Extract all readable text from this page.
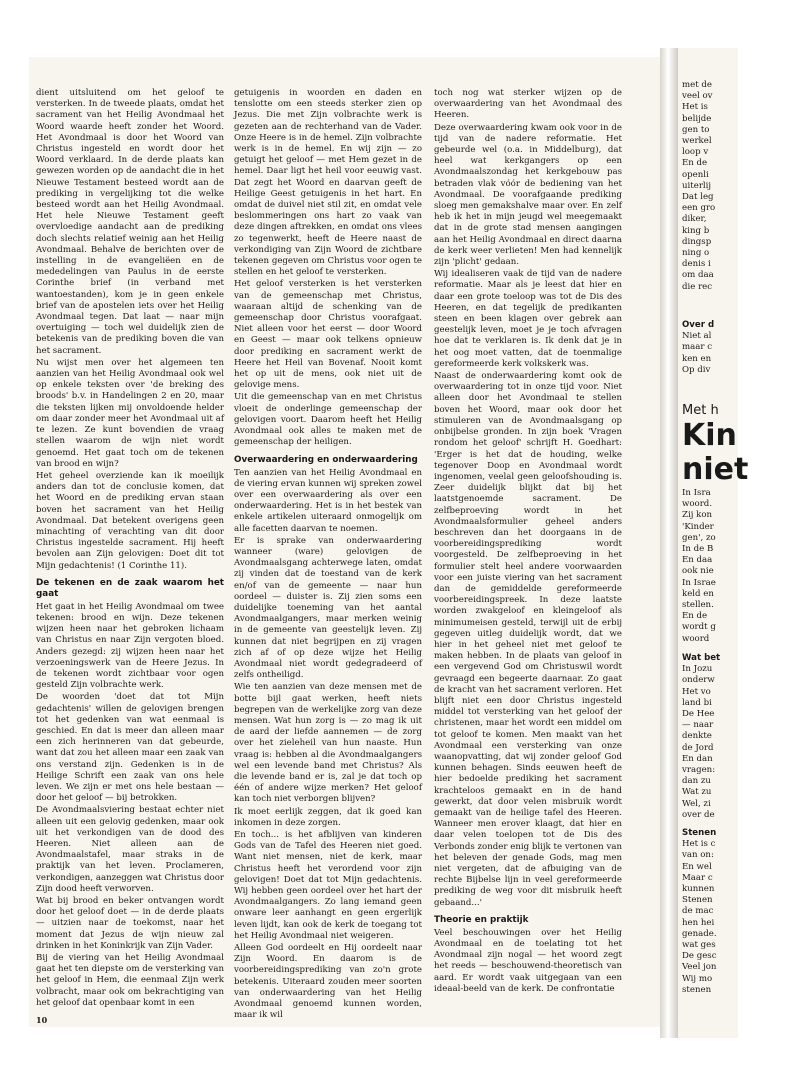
dient uitsluitend om het geloof te versterken. In de tweede plaats, omdat het sacrament van het Heilig Avondmaal het Woord waarde heeft zonder het Woord. Het Avondmaal is door het Woord van Christus ingesteld en wordt door het Woord verklaard. In de derde plaats kan gewezen worden op de aandacht die in het Nieuwe Testament besteed wordt aan de prediking in vergelijking tot die welke besteed wordt aan het Heilig Avondmaal. Het hele Nieuwe Testament geeft overvloedige aandacht aan de prediking doch slechts relatief weinig aan het Heilig Avondmaal. Behalve de berichten over de instelling in de evangeliëen en de mededelingen van Paulus in de eerste Corinthe brief (in verband met wantoestanden), kom je in geen enkele brief van de apostelen iets over het Heilig Avondmaal tegen. Dat laat — naar mijn overtuiging — toch wel duidelijk zien de betekenis van de prediking boven die van het sacrament.

Nu wijst men over het algemeen ten aanzien van het Heilig Avondmaal ook wel op enkele teksten over 'de breking des broods' b.v. in Handelingen 2 en 20, maar die teksten lijken mij onvoldoende helder om daar zonder meer het Avondmaal uit af te lezen. Ze kunt bovendien de vraag stellen waarom de wijn niet wordt genoemd. Het gaat toch om de tekenen van brood en wijn?

Het geheel overziende kan ik moeilijk anders dan tot de conclusie komen, dat het Woord en de prediking ervan staan boven het sacrament van het Heilig Avondmaal. Dat betekent overigens geen minachting of verachting van dit door Christus ingestelde sacrament. Hij heeft bevolen aan Zijn gelovigen: Doet dit tot Mijn gedachtenis! (1 Corinthe 11).

De tekenen en de zaak waarom het gaat

Het gaat in het Heilig Avondmaal om twee tekenen: brood en wijn. Deze tekenen wijzen heen naar het gebroken lichaam van Christus en naar Zijn vergoten bloed. Anders gezegd: zij wijzen heen naar het verzoeningswerk van de Heere Jezus. In de tekenen wordt zichtbaar voor ogen gesteld Zijn volbrachte werk.

De woorden 'doet dat tot Mijn gedachtenis' willen de gelovigen brengen tot het gedenken van wat eenmaal is geschied. En dat is meer dan alleen maar een zich herinneren van dat gebeurde, want dat zou het alleen maar een zaak van ons verstand zijn. Gedenken is in de Heilige Schrift een zaak van ons hele leven. We zijn er met ons hele bestaan — door het geloof — bij betrokken.

De Avondmaalsviering bestaat echter niet alleen uit een gelovig gedenken, maar ook uit het verkondigen van de dood des Heeren. Niet alleen aan de Avondmaalstafel, maar straks in de praktijk van het leven. Proclameren, verkondigen, aanzeggen wat Christus door Zijn dood heeft verworven.

Wat bij brood en beker ontvangen wordt door het geloof doet — in de derde plaats — uitzien naar de toekomst, naar het moment dat Jezus de wijn nieuw zal drinken in het Koninkrijk van Zijn Vader.

Bij de viering van het Heilig Avondmaal gaat het ten diepste om de versterking van het geloof in Hem, die eenmaal Zijn werk volbracht, maar ook om bekrachtiging van het geloof dat openbaar komt in een

getuigenis in woorden en daden en tenslotte om een steeds sterker zien op Jezus. Die met Zijn volbrachte werk is gezeten aan de rechterhand van de Vader. Onze Heere is in de hemel. Zijn volbrachte werk is in de hemel. En wij zijn — zo getuigt het geloof — met Hem gezet in de hemel. Daar ligt het heil voor eeuwig vast. Dat zegt het Woord en daarvan geeft de Heilige Geest getuigenis in het hart. En omdat de duivel niet stil zit, en omdat vele beslommeringen ons hart zo vaak van deze dingen aftrekken, en omdat ons vlees zo tegenwerkt, heeft de Heere naast de verkondiging van Zijn Woord de zichtbare tekenen gegeven om Christus voor ogen te stellen en het geloof te versterken.

Het geloof versterken is het versterken van de gemeenschap met Christus, waaraan altijd de schenking van de gemeenschap door Christus voorafgaat. Niet alleen voor het eerst — door Woord en Geest — maar ook telkens opnieuw door prediking en sacrament werkt de Heere het Heil van Bovenaf. Nooit komt het op uit de mens, ook niet uit de gelovige mens.

Uit die gemeenschap van en met Christus vloeit de onderlinge gemeenschap der gelovigen voort. Daarom heeft het Heilig Avondmaal ook alles te maken met de gemeenschap der heiligen.

Overwaardering en onderwaardering

Ten aanzien van het Heilig Avondmaal en de viering ervan kunnen wij spreken zowel over een overwaardering als over een onderwaardering. Het is in het bestek van enkele artikelen uiteraard onmogelijk om alle facetten daarvan te noemen.

Er is sprake van onderwaardering wanneer (ware) gelovigen de Avondmaalsgang achterwege laten, omdat zij vinden dat de toestand van de kerk en/of van de gemeente — naar hun oordeel — duister is. Zij zien soms een duidelijke toeneming van het aantal Avondmaalgangers, maar merken weinig in de gemeente van geestelijk leven. Zij kunnen dat niet begrijpen en zij vragen zich af of op deze wijze het Heilig Avondmaal niet wordt gedegradeerd of zelfs ontheiligd.

Wie ten aanzien van deze mensen met de botte bijl gaat werken, heeft niets begrepen van de werkelijke zorg van deze mensen. Wat hun zorg is — zo mag ik uit de aard der liefde aannemen — de zorg over het zieleheil van hun naaste. Hun vraag is: hebben al die Avondmaalgangers wel een levende band met Christus? Als die levende band er is, zal je dat toch op één of andere wijze merken? Het geloof kan toch niet verborgen blijven?

Ik moet eerlijk zeggen, dat ik goed kan inkomen in deze zorgen.

En toch... is het afblijven van kinderen Gods van de Tafel des Heeren niet goed. Want niet mensen, niet de kerk, maar Christus heeft het verordend voor zijn gelovigen! Doet dat tot Mijn gedachtenis. Wij hebben geen oordeel over het hart der Avondmaalgangers. Zo lang iemand geen onware leer aanhangt en geen ergerlijk leven lijdt, kan ook de kerk de toegang tot het Heilig Avondmaal niet weigeren.

Alleen God oordeelt en Hij oordeelt naar Zijn Woord. En daarom is de voorbereidingsprediking van zo'n grote betekenis. Uiteraard zouden meer soorten van onderwaardering van het Heilig Avondmaal genoemd kunnen worden, maar ik wil

toch nog wat sterker wijzen op de overwaardering van het Avondmaal des Heeren.

Deze overwaardering kwam ook voor in de tijd van de nadere reformatie. Het gebeurde wel (o.a. in Middelburg), dat heel wat kerkgangers op een Avondmaalszondag het kerkgebouw pas betraden vlak vóór de bediening van het Avondmaal. De voorafgaande prediking sloeg men gemakshalve maar over. En zelf heb ik het in mijn jeugd wel meegemaakt dat in de grote stad mensen aangingen aan het Heilig Avondmaal en direct daarna de kerk weer verlieten! Men had kennelijk zijn 'plicht' gedaan.

Wij idealiseren vaak de tijd van de nadere reformatie. Maar als je leest dat hier en daar een grote toeloop was tot de Dis des Heeren, en dat tegelijk de predikanten steen en been klagen over gebrek aan geestelijk leven, moet je je toch afvragen hoe dat te verklaren is. Ik denk dat je in het oog moet vatten, dat de toenmalige gereformeerde kerk volkskerk was.

Naast de onderwaardering komt ook de overwaardering tot in onze tijd voor. Niet alleen door het Avondmaal te stellen boven het Woord, maar ook door het stimuleren van de Avondmaalsgang op onbijbelse gronden. In zijn boek 'Vragen rondom het geloof' schrijft H. Goedhart: 'Erger is het dat de houding, welke tegenover Doop en Avondmaal wordt ingenomen, veelal geen geloofshouding is. Zeer duidelijk blijkt dat bij het laatstgenoemde sacrament. De zelfbeproeving wordt in het Avondmaalsformulier geheel anders beschreven dan het doorgaans in de voorbereidingsprediking wordt voorgesteld. De zelfbeproeving in het formulier stelt heel andere voorwaarden voor een juiste viering van het sacrament dan de gemiddelde gereformeerde voorbereidingspreek. In deze laatste worden zwakgeloof en kleingeloof als minimumeisen gesteld, terwijl uit de erbij gegeven uitleg duidelijk wordt, dat we hier in het geheel niet met geloof te maken hebben. In de plaats van geloof in een vergevend God om Christuswil wordt gevraagd een begeerte daarnaar. Zo gaat de kracht van het sacrament verloren. Het blijft niet een door Christus ingesteld middel tot versterking van het geloof der christenen, maar het wordt een middel om tot geloof te komen. Men maakt van het Avondmaal een versterking van onze waanopvatting, dat wij zonder geloof God kunnen behagen. Sinds eeuwen heeft de hier bedoelde prediking het sacrament krachteloos gemaakt en in de hand gewerkt, dat door velen misbruik wordt gemaakt van de heilige tafel des Heeren. Wanneer men erover klaagt, dat hier en daar velen toelopen tot de Dis des Verbonds zonder enig blijk te vertonen van het beleven der genade Gods, mag men niet vergeten, dat de afbuiging van de rechte Bijbelse lijn in veel gereformeerde prediking de weg voor dit misbruik heeft gebaand...'

Theorie en praktijk

Veel beschouwingen over het Heilig Avondmaal en de toelating tot het Avondmaal zijn nogal — het woord zegt het reeds — beschouwend-theoretisch van aard. Er wordt vaak uitgegaan van een ideaal-beeld van de kerk. De confrontatie

10
met de
veel ov
Het is
belijde
gen to
werkel
loop v
En de
openli
uiterlij
Dat leg
een gro
diker,
king b
dingsp
ning o
denis i
om daa
die rec
Over d
Niet al
maar c
ken en
Op div
Met h
Kin
niet
In Isra
woord.
Zij kon
'Kinder
gen', zo
In de B
En daa
ook nie
In Israe
keld en
stellen.
En de
wordt g
woord
Wat bet
In Jozu
onderw
Het vo
land bi
De Hee
— naar
denkte
de Jord
En dan
vragen:
dan zu
Wat zu
Wel, zi
over de
Stenen
Het is c
van on:
En wel
Maar c
kunnen
Stenen
de mac
hen hei
genade.
wat ges
De gesc
Veel jon
Wij mo
stenen
